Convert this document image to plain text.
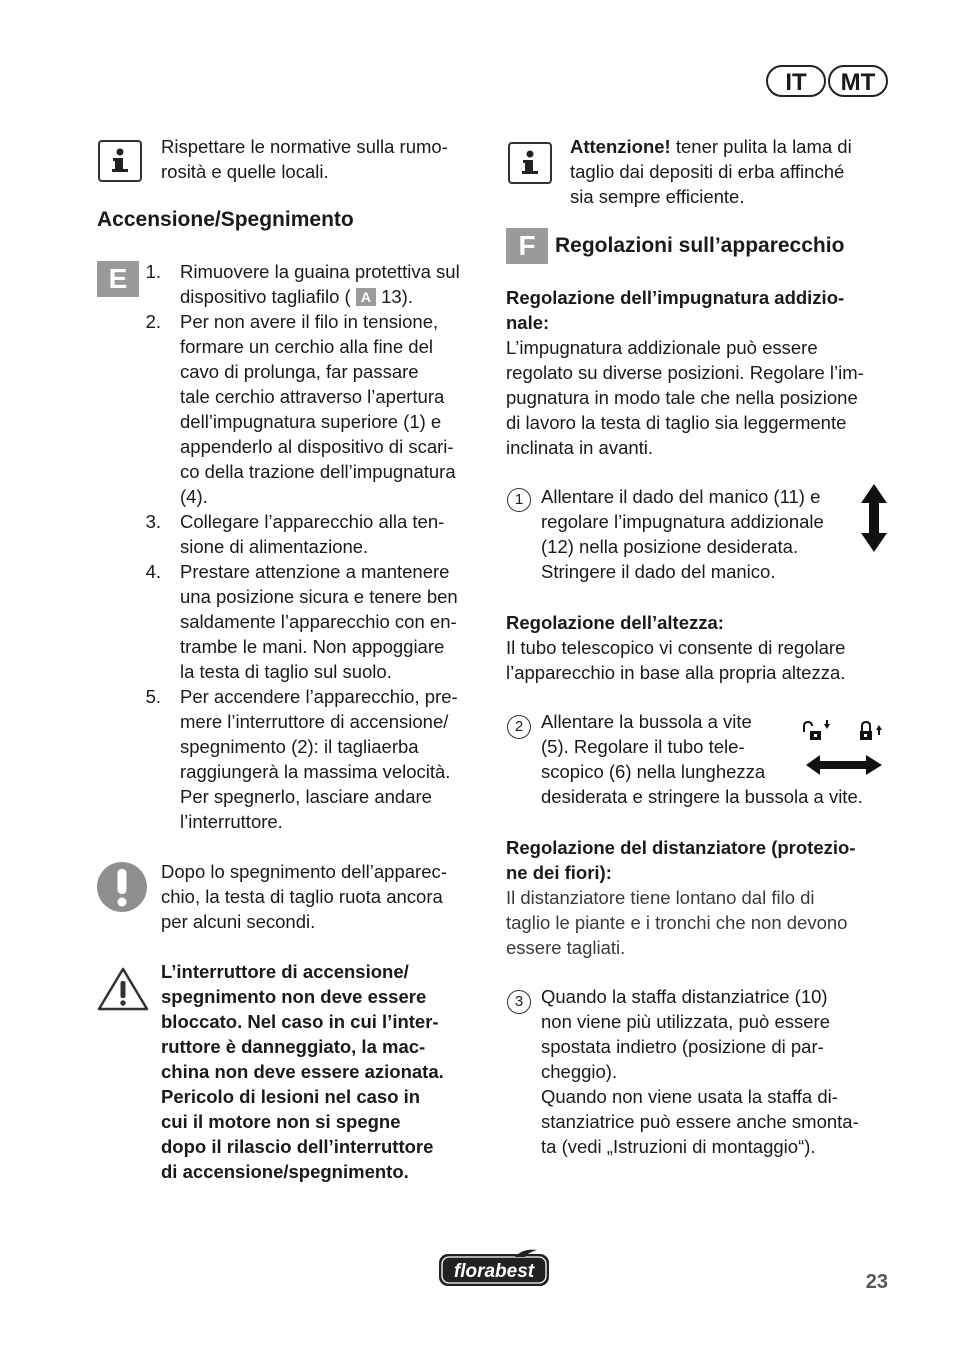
IT	MT
Rispettare le normative sulla rumo-
rosità e quelle locali.
Accensione/Spegnimento
E 1. Rimuovere la guaina protettiva sul
dispositivo tagliafilo ( A 13).
2. Per non avere il filo in tensione,
formare un cerchio alla fine del
cavo di prolunga, far passare
tale cerchio attraverso l’apertura
dell’impugnatura superiore (1) e
appenderlo al dispositivo di scari-
co della trazione dell’impugnatura
(4).
3. Collegare l’apparecchio alla ten-
sione di alimentazione.
4. Prestare attenzione a mantenere
una posizione sicura e tenere ben
saldamente l’apparecchio con en-
trambe le mani. Non appoggiare
la testa di taglio sul suolo.
5. Per accendere l’apparecchio, pre-
mere l’interruttore di accensione/
spegnimento (2): il tagliaerba
raggiungerà la massima velocità.
Per spegnerlo, lasciare andare
l’interruttore.
Dopo lo spegnimento dell’apparec-
chio, la testa di taglio ruota ancora
per alcuni secondi.
L’interruttore di accensione/
spegnimento non deve essere
bloccato. Nel caso in cui l’inter-
ruttore è danneggiato, la mac-
china non deve essere azionata.
Pericolo di lesioni nel caso in
cui il motore non si spegne
dopo il rilascio dell’interruttore
di accensione/spegnimento.
Attenzione! tener pulita la lama di
taglio dai depositi di erba affinché
sia sempre efficiente.
F Regolazioni sull’apparecchio
Regolazione dell’impugnatura addizio-
nale:
L’impugnatura addizionale può essere
regolato su diverse posizioni. Regolare l’im-
pugnatura in modo tale che nella posizione
di lavoro la testa di taglio sia leggermente
inclinata in avanti.
1 Allentare il dado del manico (11) e
regolare l’impugnatura addizionale
(12) nella posizione desiderata.
Stringere il dado del manico.
Regolazione dell’altezza:
Il tubo telescopico vi consente di regolare
l’apparecchio in base alla propria altezza.
2 Allentare la bussola a vite
(5). Regolare il tubo tele-
scopico (6) nella lunghezza
desiderata e stringere la bussola a vite.
Regolazione del distanziatore (protezio-
ne dei fiori):
Il distanziatore tiene lontano dal filo di
taglio le piante e i tronchi che non devono
essere tagliati.
3 Quando la staffa distanziatrice (10)
non viene più utilizzata, può essere
spostata indietro (posizione di par-
cheggio).
Quando non viene usata la staffa di-
stanziatrice può essere anche smonta-
ta (vedi „Istruzioni di montaggio“).
florabest	23
